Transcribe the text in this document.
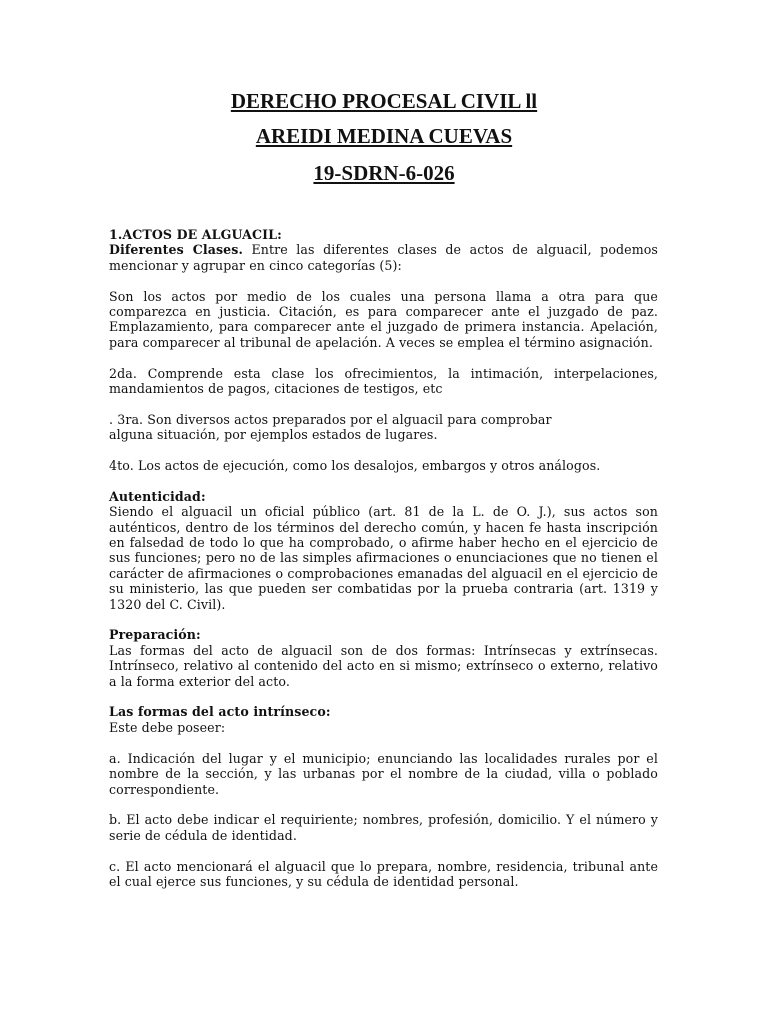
DERECHO PROCESAL CIVIL ll
AREIDI MEDINA CUEVAS
19-SDRN-6-026

1.ACTOS DE ALGUACIL:

Diferentes Clases. Entre las diferentes clases de actos de alguacil, podemos mencionar y agrupar en cinco categorías (5):

Son los actos por medio de los cuales una persona llama a otra para que comparezca en justicia. Citación, es para comparecer ante el juzgado de paz. Emplazamiento, para comparecer ante el juzgado de primera instancia. Apelación, para comparecer al tribunal de apelación. A veces se emplea el término asignación.

2da. Comprende esta clase los ofrecimientos, la intimación, interpelaciones, mandamientos de pagos, citaciones de testigos, etc

. 3ra. Son diversos actos preparados por el alguacil para comprobar

alguna situación, por ejemplos estados de lugares.

4to. Los actos de ejecución, como los desalojos, embargos y otros análogos.

Autenticidad:

Siendo el alguacil un oficial público (art. 81 de la L. de O. J.), sus actos son auténticos, dentro de los términos del derecho común, y hacen fe hasta inscripción en falsedad de todo lo que ha comprobado, o afirme haber hecho en el ejercicio de sus funciones; pero no de las simples afirmaciones o enunciaciones que no tienen el carácter de afirmaciones o comprobaciones emanadas del alguacil en el ejercicio de su ministerio, las que pueden ser combatidas por la prueba contraria (art. 1319 y 1320 del C. Civil).

Preparación:

Las formas del acto de alguacil son de dos formas: Intrínsecas y extrínsecas. Intrínseco, relativo al contenido del acto en si mismo; extrínseco o externo, relativo a la forma exterior del acto.

Las formas del acto intrínseco:

Este debe poseer:

a. Indicación del lugar y el municipio; enunciando las localidades rurales por el nombre de la sección, y las urbanas por el nombre de la ciudad, villa o poblado correspondiente.

b. El acto debe indicar el requiriente; nombres, profesión, domicilio. Y el número y serie de cédula de identidad.

c. El acto mencionará el alguacil que lo prepara, nombre, residencia, tribunal ante el cual ejerce sus funciones, y su cédula de identidad personal.
